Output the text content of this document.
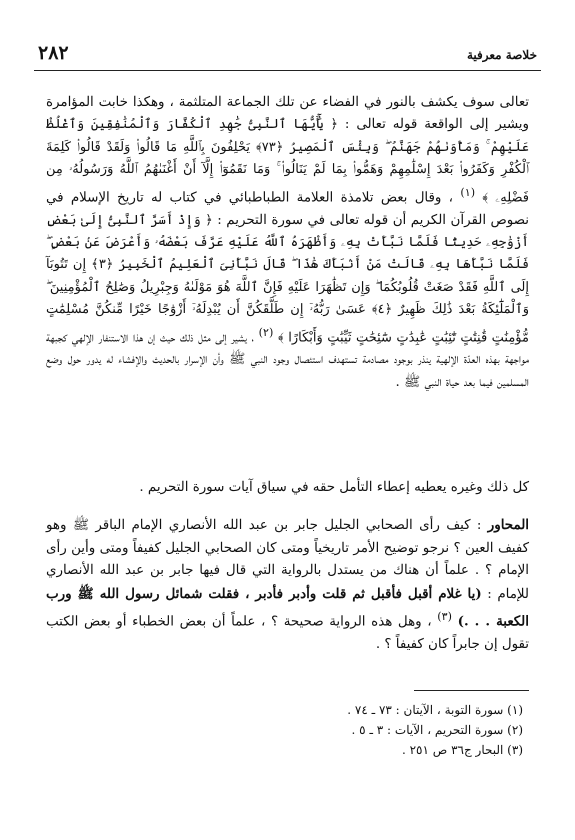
٢٨٢	خلاصة معرفية
تعالى سوف يكشف بالنور في الفضاء عن تلك الجماعة المتلثمة ، وهكذا خابت المؤامرة ويشير إلى الواقعة قوله تعالى : ﴿ يَٰٓأَيُّهَا ٱلنَّبِىُّ جَٰهِدِ ٱلْكُفَّارَ وَٱلْمُنَٰفِقِينَ وَٱغْلُظْ عَلَيْهِمْ ۚ وَمَأْوَىٰهُمْ جَهَنَّمُ ۖ وَبِئْسَ ٱلْمَصِيرُ ﴿٧٣﴾ يَحْلِفُونَ بِٱللَّهِ مَا قَالُوا۟ وَلَقَدْ قَالُوا۟ كَلِمَةَ ٱلْكُفْرِ وَكَفَرُوا۟ بَعْدَ إِسْلَٰمِهِمْ وَهَمُّوا۟ بِمَا لَمْ يَنَالُوا۟ ۚ وَمَا نَقَمُوٓا۟ إِلَّآ أَنْ أَغْنَىٰهُمُ ٱللَّهُ وَرَسُولُهُۥ مِن فَضْلِهِۦ ﴾ $^{(١)}$ ، وقال بعض تلامذة العلامة الطباطبائي في كتاب له تاريخ الإسلام في نصوص القرآن الكريم أن قوله تعالى في سورة التحريم : ﴿ وَإِذْ أَسَرَّ ٱلنَّبِىُّ إِلَىٰ بَعْضِ أَزْوَٰجِهِۦ حَدِيثًا فَلَمَّا نَبَّأَتْ بِهِۦ وَأَظْهَرَهُ ٱللَّهُ عَلَيْهِ عَرَّفَ بَعْضَهُۥ وَأَعْرَضَ عَنۢ بَعْضٍ ۖ فَلَمَّا نَبَّأَهَا بِهِۦ قَالَتْ مَنْ أَنۢبَأَكَ هَٰذَا ۖ قَالَ نَبَّأَنِىَ ٱلْعَلِيمُ ٱلْخَبِيرُ ﴿٣﴾ إِن تَتُوبَآ إِلَى ٱللَّهِ فَقَدْ صَغَتْ قُلُوبُكُمَا ۖ وَإِن تَظَٰهَرَا عَلَيْهِ فَإِنَّ ٱللَّهَ هُوَ مَوْلَىٰهُ وَجِبْرِيلُ وَصَٰلِحُ ٱلْمُؤْمِنِينَ ۖ وَٱلْمَلَٰٓئِكَةُ بَعْدَ ذَٰلِكَ ظَهِيرٌ ﴿٤﴾ عَسَىٰ رَبُّهُۥٓ إِن طَلَّقَكُنَّ أَن يُبْدِلَهُۥٓ أَزْوَٰجًا خَيْرًا مِّنكُنَّ مُسْلِمَٰتٍ مُّؤْمِنَٰتٍ قَٰنِتَٰتٍ تَٰٓئِبَٰتٍ عَٰبِدَٰتٍ سَٰٓئِحَٰتٍ ثَيِّبَٰتٍ وَأَبْكَارًا ﴾ $^{(٢)}$ ، يشير إلى مثل ذلك حيث إن هذا الاستنفار الإلهي كجبهة مواجهة بهذه العدّة الإلهية ينذر بوجود مصادمة تستهدف استئصال وجود النبي ﷺ وأن الإسرار بالحديث والإفشاء له يدور حول وضع المسلمين فيما بعد حياة النبي ﷺ .
كل ذلك وغيره يعطيه إعطاء التأمل حقه في سياق آيات سورة التحريم .
المحاور : كيف رأى الصحابي الجليل جابر بن عبد الله الأنصاري الإمام الباقر ﷺ وهو كفيف العين ؟ نرجو توضيح الأمر تاريخياً ومتى كان الصحابي الجليل كفيفاً ومتى وأين رأى الإمام ؟ . علماً أن هناك من يستدل بالرواية التي قال فيها جابر بن عبد الله الأنصاري للإمام : (يا غلام أقبل فأقبل ثم قلت وأدبر فأدبر ، فقلت شمائل رسول الله ﷺ ورب الكعبة . . .) $^{(٣)}$ ، وهل هذه الرواية صحيحة ؟ ، علماً أن بعض الخطباء أو بعض الكتب تقول إن جابراً كان كفيفاً ؟ .
(١) سورة التوبة ، الآيتان : ٧٣ ـ ٧٤ .
(٢) سورة التحريم ، الآيات : ٣ ـ ٥ .
(٣) البحار ج٣٦ ص ٢٥١ .
